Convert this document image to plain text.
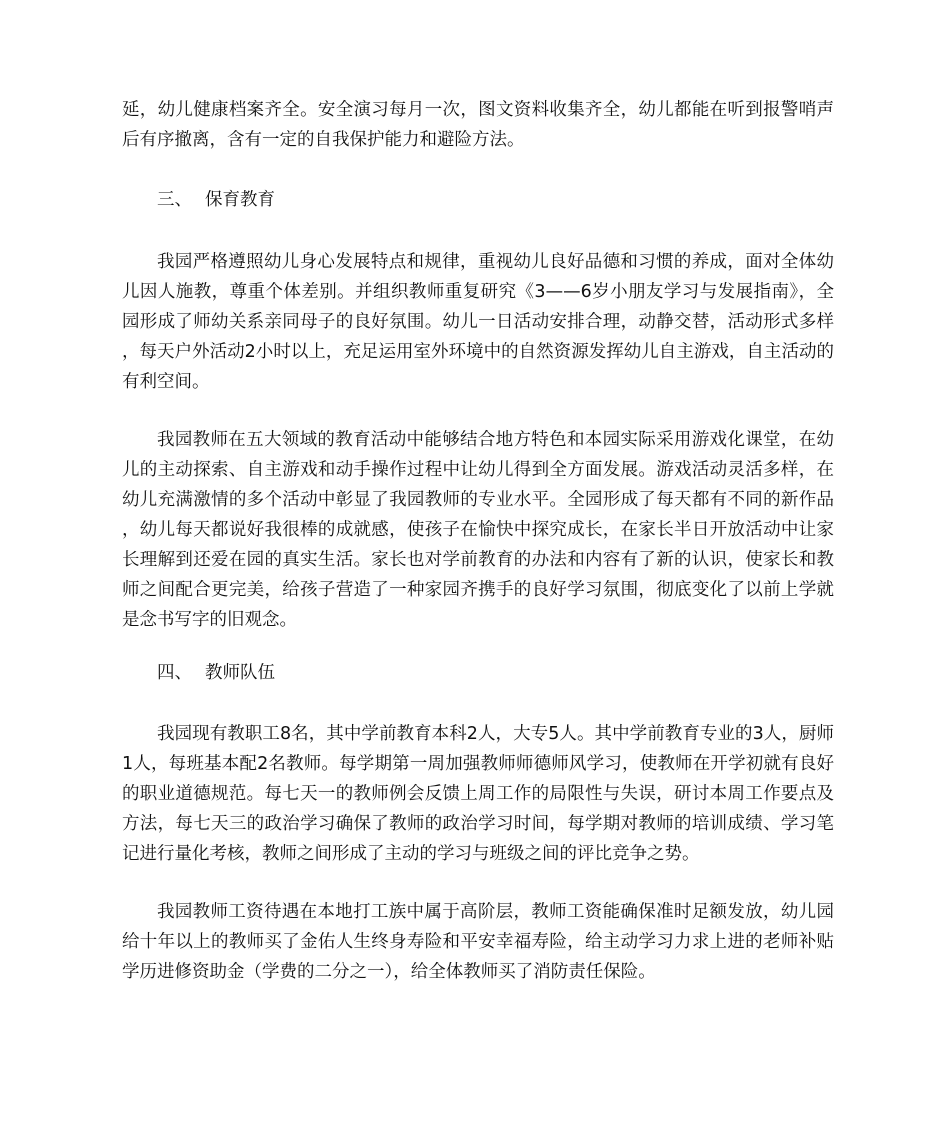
延，幼儿健康档案齐全。安全演习每月一次，图文资料收集齐全，幼儿都能在听到报警哨声后有序撤离，含有一定的自我保护能力和避险方法。

三、 保育教育

我园严格遵照幼儿身心发展特点和规律，重视幼儿良好品德和习惯的养成，面对全体幼儿因人施教，尊重个体差别。并组织教师重复研究《3——6岁小朋友学习与发展指南》，全园形成了师幼关系亲同母子的良好氛围。幼儿一日活动安排合理，动静交替，活动形式多样，每天户外活动2小时以上，充足运用室外环境中的自然资源发挥幼儿自主游戏，自主活动的有利空间。

我园教师在五大领域的教育活动中能够结合地方特色和本园实际采用游戏化课堂，在幼儿的主动探索、自主游戏和动手操作过程中让幼儿得到全方面发展。游戏活动灵活多样，在幼儿充满激情的多个活动中彰显了我园教师的专业水平。全园形成了每天都有不同的新作品，幼儿每天都说好我很棒的成就感，使孩子在愉快中探究成长，在家长半日开放活动中让家长理解到还爱在园的真实生活。家长也对学前教育的办法和内容有了新的认识，使家长和教师之间配合更完美，给孩子营造了一种家园齐携手的良好学习氛围，彻底变化了以前上学就是念书写字的旧观念。

四、 教师队伍

我园现有教职工8名，其中学前教育本科2人，大专5人。其中学前教育专业的3人，厨师1人，每班基本配2名教师。每学期第一周加强教师师德师风学习，使教师在开学初就有良好的职业道德规范。每七天一的教师例会反馈上周工作的局限性与失误，研讨本周工作要点及方法，每七天三的政治学习确保了教师的政治学习时间，每学期对教师的培训成绩、学习笔记进行量化考核，教师之间形成了主动的学习与班级之间的评比竞争之势。

我园教师工资待遇在本地打工族中属于高阶层，教师工资能确保准时足额发放，幼儿园给十年以上的教师买了金佑人生终身寿险和平安幸福寿险，给主动学习力求上进的老师补贴学历进修资助金（学费的二分之一），给全体教师买了消防责任保险。
